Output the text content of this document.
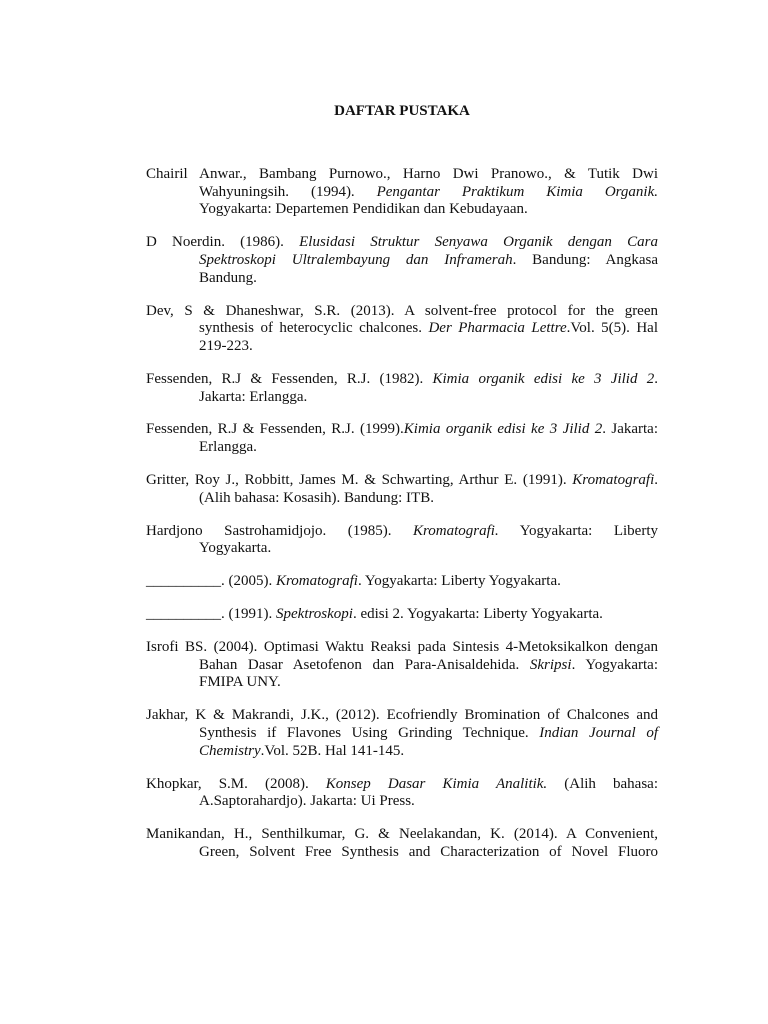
DAFTAR PUSTAKA
Chairil Anwar., Bambang Purnowo., Harno Dwi Pranowo., & Tutik Dwi
Wahyuningsih. (1994). Pengantar Praktikum Kimia Organik.
Yogyakarta: Departemen Pendidikan dan Kebudayaan.
D Noerdin. (1986). Elusidasi Struktur Senyawa Organik dengan Cara
Spektroskopi Ultralembayung dan Inframerah. Bandung: Angkasa
Bandung.
Dev, S & Dhaneshwar, S.R. (2013). A solvent-free protocol for the green
synthesis of heterocyclic chalcones. Der Pharmacia Lettre.Vol. 5(5). Hal
219-223.
Fessenden, R.J & Fessenden, R.J. (1982). Kimia organik edisi ke 3 Jilid 2.
Jakarta: Erlangga.
Fessenden, R.J & Fessenden, R.J. (1999).Kimia organik edisi ke 3 Jilid 2. Jakarta:
Erlangga.
Gritter, Roy J., Robbitt, James M. & Schwarting, Arthur E. (1991). Kromatografi.
(Alih bahasa: Kosasih). Bandung: ITB.
Hardjono Sastrohamidjojo. (1985). Kromatografi. Yogyakarta: Liberty
Yogyakarta.
__________. (2005). Kromatografi. Yogyakarta: Liberty Yogyakarta.
__________. (1991). Spektroskopi. edisi 2. Yogyakarta: Liberty Yogyakarta.
Isrofi BS. (2004). Optimasi Waktu Reaksi pada Sintesis 4-Metoksikalkon dengan
Bahan Dasar Asetofenon dan Para-Anisaldehida. Skripsi. Yogyakarta:
FMIPA UNY.
Jakhar, K & Makrandi, J.K., (2012). Ecofriendly Bromination of Chalcones and
Synthesis if Flavones Using Grinding Technique. Indian Journal of
Chemistry.Vol. 52B. Hal 141-145.
Khopkar, S.M. (2008). Konsep Dasar Kimia Analitik. (Alih bahasa:
A.Saptorahardjo). Jakarta: Ui Press.
Manikandan, H., Senthilkumar, G. & Neelakandan, K. (2014). A Convenient,
Green, Solvent Free Synthesis and Characterization of Novel Fluoro
